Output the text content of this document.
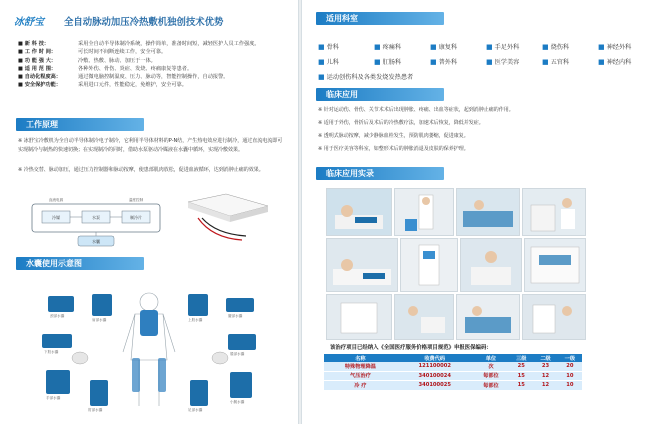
冰舒宝 全自动脉动加压冷热敷机独创技术优势
■ 新 科 技：	采用全自动半导体制冷系统，操作简单，准备时间短，减轻医护人员工作强度。
■ 工 作 时 间：	可长时间不间断连续工作，安全可靠。
■ 功 能 强 大：	冷敷、热敷、脉动、加压于一体。
■ 适 用 范 围：	各种外伤、骨伤、炎症、发烧、疼痛康复等患者。
■ 自动化程度高：	通过微电脑控制温度、压力、脉动等，智能控制操作，自动报警。
■ 安全保护功能：	采用进口元件，性能稳定，免维护，安全可靠。
工作原理
※ 冰舒宝冷敷机为全自动半导体制冷电子制冷，它利用半导体材料的P-N结，产生热电效应进行制冷，通过直流电流即可实现制冷与制热的快速切换；在实现制冷的同时，借助水泵驱动冷媒液在水囊中循环，实现冷敷效果。
※ 冷热交替、脉动加压，通过压力控制器和脉动按摩，使患部肌肉放松，促进血液循环，达到消肿止痛的效果。
冷媒	水泵	制冷片
直流电源	温度控制
水囊
水囊使用示意图
颈部水囊
肩部水囊	上肢水囊
腰部水囊
下肢水囊	膝部水囊
手部水囊
肘部水囊	足部水囊
小腿水囊
适用科室
■ 骨科	■ 疼痛科	■ 康复科	■ 手足外科	■ 烧伤科	■ 神经外科
■ 儿科	■ 肛肠科	■ 普外科	■ 医学美容	■ 五官科	■ 神经内科
■ 运动创伤科及各类发烧发热患者
临床应用
※ 针对运动伤、骨伤、关节术术后出现肿胀、疼痛、出血等症状，起到消肿止痛的作用。
※ 适用于外伤，骨折后及术后的冷热敷疗法，加速术后恢复，降低并发症。
※ 透明式脉动按摩，减少静脉血栓发生，预防肌肉萎缩，促进康复。
※ 用于医疗美容等科室，如整形术后的肿胀消退及皮肤的保养护理。
临床应用实录
该治疗项目已经纳入《全国医疗服务价格项目规范》申报医保编码：
名称	收费代码	单位	三级	二级	一级
特殊物理降温	121100002	次	25	23	20
气压治疗	340100024	每部位	15	12	10
冷 疗	340100025	每部位	15	12	10
